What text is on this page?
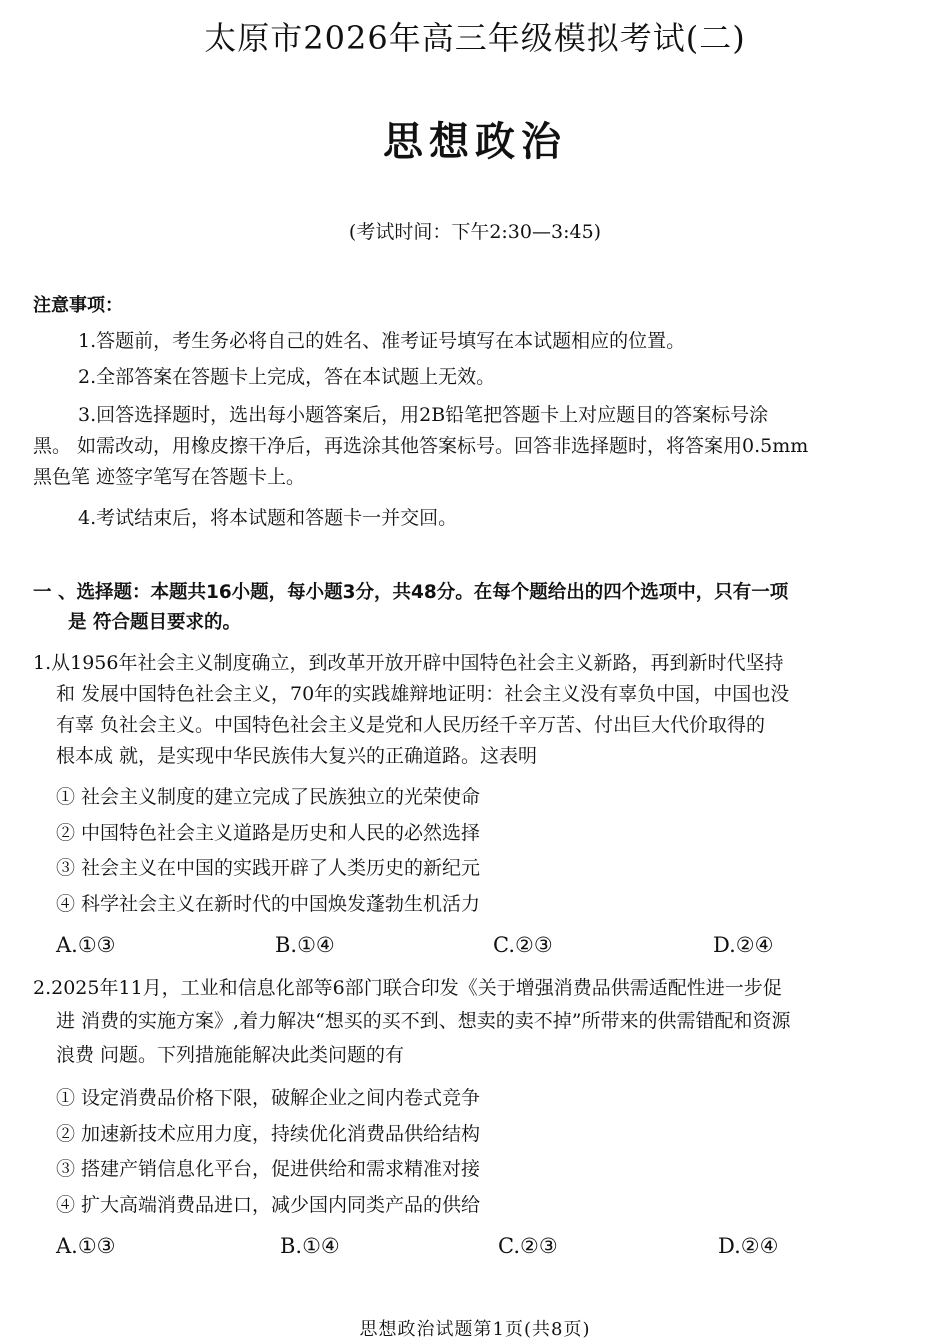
太原市2026年高三年级模拟考试(二)
思想政治
(考试时间：下午2:30—3:45)
注意事项：
1.答题前，考生务必将自己的姓名、准考证号填写在本试题相应的位置。
2.全部答案在答题卡上完成，答在本试题上无效。
3.回答选择题时，选出每小题答案后，用2B铅笔把答题卡上对应题目的答案标号涂
黑。 如需改动，用橡皮擦干净后，再选涂其他答案标号。回答非选择题时，将答案用0.5mm
黑色笔 迹签字笔写在答题卡上。
4.考试结束后，将本试题和答题卡一并交回。
一 、选择题：本题共16小题，每小题3分，共48分。在每个题给出的四个选项中，只有一项
是 符合题目要求的。
1.从1956年社会主义制度确立，到改革开放开辟中国特色社会主义新路，再到新时代坚持
和 发展中国特色社会主义，70年的实践雄辩地证明：社会主义没有辜负中国，中国也没
有辜 负社会主义。中国特色社会主义是党和人民历经千辛万苦、付出巨大代价取得的
根本成 就，是实现中华民族伟大复兴的正确道路。这表明
① 社会主义制度的建立完成了民族独立的光荣使命
② 中国特色社会主义道路是历史和人民的必然选择
③ 社会主义在中国的实践开辟了人类历史的新纪元
④ 科学社会主义在新时代的中国焕发蓬勃生机活力
A.①③	B.①④	C.②③	D.②④
2.2025年11月，工业和信息化部等6部门联合印发《关于增强消费品供需适配性进一步促
进 消费的实施方案》,着力解决“想买的买不到、想卖的卖不掉”所带来的供需错配和资源
浪费 问题。下列措施能解决此类问题的有
① 设定消费品价格下限，破解企业之间内卷式竞争
② 加速新技术应用力度，持续优化消费品供给结构
③ 搭建产销信息化平台，促进供给和需求精准对接
④ 扩大高端消费品进口，减少国内同类产品的供给
A.①③	B.①④	C.②③	D.②④
思想政治试题第1页(共8页)
